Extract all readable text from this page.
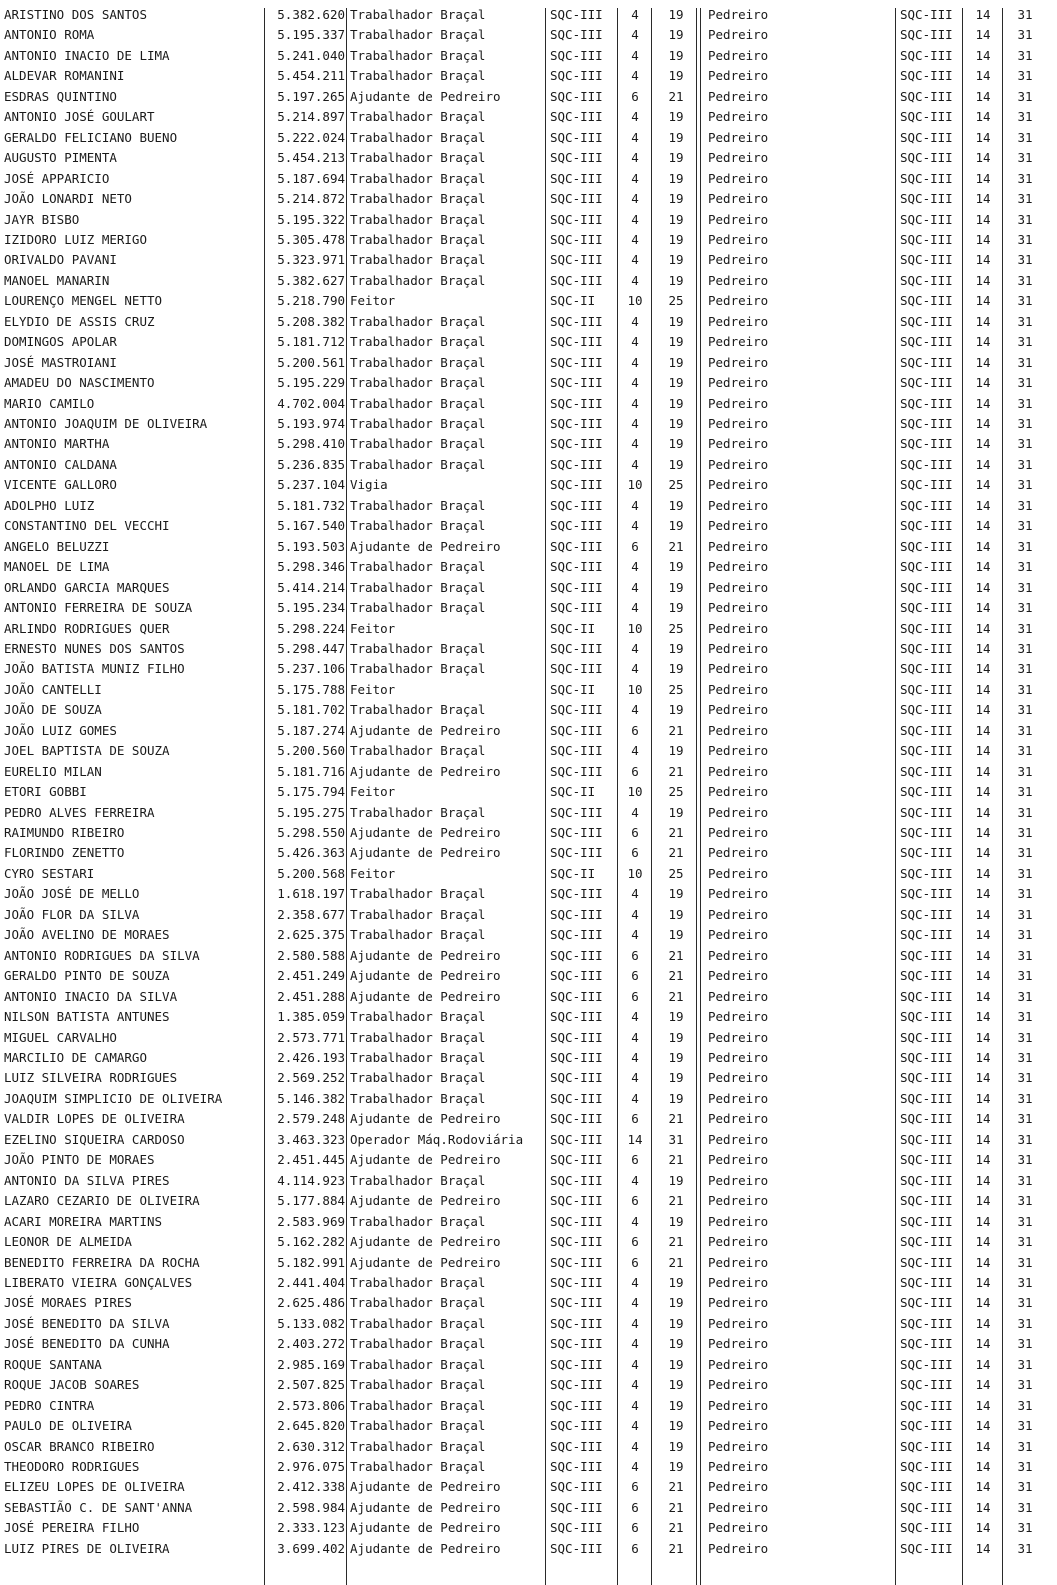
ARISTINO DOS SANTOS	5.382.620 Trabalhador Braçal	SQC-III	4	19	Pedreiro	SQC-III	14	31
ANTONIO ROMA	5.195.337 Trabalhador Braçal	SQC-III	4	19	Pedreiro	SQC-III	14	31
ANTONIO INACIO DE LIMA	5.241.040 Trabalhador Braçal	SQC-III	4	19	Pedreiro	SQC-III	14	31
ALDEVAR ROMANINI	5.454.211 Trabalhador Braçal	SQC-III	4	19	Pedreiro	SQC-III	14	31
ESDRAS QUINTINO	5.197.265 Ajudante de Pedreiro	SQC-III	6	21	Pedreiro	SQC-III	14	31
ANTONIO JOSÉ GOULART	5.214.897 Trabalhador Braçal	SQC-III	4	19	Pedreiro	SQC-III	14	31
GERALDO FELICIANO BUENO	5.222.024 Trabalhador Braçal	SQC-III	4	19	Pedreiro	SQC-III	14	31
AUGUSTO PIMENTA	5.454.213 Trabalhador Braçal	SQC-III	4	19	Pedreiro	SQC-III	14	31
JOSÉ APPARICIO	5.187.694 Trabalhador Braçal	SQC-III	4	19	Pedreiro	SQC-III	14	31
JOÃO LONARDI NETO	5.214.872 Trabalhador Braçal	SQC-III	4	19	Pedreiro	SQC-III	14	31
JAYR BISBO	5.195.322 Trabalhador Braçal	SQC-III	4	19	Pedreiro	SQC-III	14	31
IZIDORO LUIZ MERIGO	5.305.478 Trabalhador Braçal	SQC-III	4	19	Pedreiro	SQC-III	14	31
ORIVALDO PAVANI	5.323.971 Trabalhador Braçal	SQC-III	4	19	Pedreiro	SQC-III	14	31
MANOEL MANARIN	5.382.627 Trabalhador Braçal	SQC-III	4	19	Pedreiro	SQC-III	14	31
LOURENÇO MENGEL NETTO	5.218.790 Feitor	SQC-II	10	25	Pedreiro	SQC-III	14	31
ELYDIO DE ASSIS CRUZ	5.208.382 Trabalhador Braçal	SQC-III	4	19	Pedreiro	SQC-III	14	31
DOMINGOS APOLAR	5.181.712 Trabalhador Braçal	SQC-III	4	19	Pedreiro	SQC-III	14	31
JOSÉ MASTROIANI	5.200.561 Trabalhador Braçal	SQC-III	4	19	Pedreiro	SQC-III	14	31
AMADEU DO NASCIMENTO	5.195.229 Trabalhador Braçal	SQC-III	4	19	Pedreiro	SQC-III	14	31
MARIO CAMILO	4.702.004 Trabalhador Braçal	SQC-III	4	19	Pedreiro	SQC-III	14	31
ANTONIO JOAQUIM DE OLIVEIRA	5.193.974 Trabalhador Braçal	SQC-III	4	19	Pedreiro	SQC-III	14	31
ANTONIO MARTHA	5.298.410 Trabalhador Braçal	SQC-III	4	19	Pedreiro	SQC-III	14	31
ANTONIO CALDANA	5.236.835 Trabalhador Braçal	SQC-III	4	19	Pedreiro	SQC-III	14	31
VICENTE GALLORO	5.237.104 Vigia	SQC-III	10	25	Pedreiro	SQC-III	14	31
ADOLPHO LUIZ	5.181.732 Trabalhador Braçal	SQC-III	4	19	Pedreiro	SQC-III	14	31
CONSTANTINO DEL VECCHI	5.167.540 Trabalhador Braçal	SQC-III	4	19	Pedreiro	SQC-III	14	31
ANGELO BELUZZI	5.193.503 Ajudante de Pedreiro	SQC-III	6	21	Pedreiro	SQC-III	14	31
MANOEL DE LIMA	5.298.346 Trabalhador Braçal	SQC-III	4	19	Pedreiro	SQC-III	14	31
ORLANDO GARCIA MARQUES	5.414.214 Trabalhador Braçal	SQC-III	4	19	Pedreiro	SQC-III	14	31
ANTONIO FERREIRA DE SOUZA	5.195.234 Trabalhador Braçal	SQC-III	4	19	Pedreiro	SQC-III	14	31
ARLINDO RODRIGUES QUER	5.298.224 Feitor	SQC-II	10	25	Pedreiro	SQC-III	14	31
ERNESTO NUNES DOS SANTOS	5.298.447 Trabalhador Braçal	SQC-III	4	19	Pedreiro	SQC-III	14	31
JOÃO BATISTA MUNIZ FILHO	5.237.106 Trabalhador Braçal	SQC-III	4	19	Pedreiro	SQC-III	14	31
JOÃO CANTELLI	5.175.788 Feitor	SQC-II	10	25	Pedreiro	SQC-III	14	31
JOÃO DE SOUZA	5.181.702 Trabalhador Braçal	SQC-III	4	19	Pedreiro	SQC-III	14	31
JOÃO LUIZ GOMES	5.187.274 Ajudante de Pedreiro	SQC-III	6	21	Pedreiro	SQC-III	14	31
JOEL BAPTISTA DE SOUZA	5.200.560 Trabalhador Braçal	SQC-III	4	19	Pedreiro	SQC-III	14	31
EURELIO MILAN	5.181.716 Ajudante de Pedreiro	SQC-III	6	21	Pedreiro	SQC-III	14	31
ETORI GOBBI	5.175.794 Feitor	SQC-II	10	25	Pedreiro	SQC-III	14	31
PEDRO ALVES FERREIRA	5.195.275 Trabalhador Braçal	SQC-III	4	19	Pedreiro	SQC-III	14	31
RAIMUNDO RIBEIRO	5.298.550 Ajudante de Pedreiro	SQC-III	6	21	Pedreiro	SQC-III	14	31
FLORINDO ZENETTO	5.426.363 Ajudante de Pedreiro	SQC-III	6	21	Pedreiro	SQC-III	14	31
CYRO SESTARI	5.200.568 Feitor	SQC-II	10	25	Pedreiro	SQC-III	14	31
JOÃO JOSÉ DE MELLO	1.618.197 Trabalhador Braçal	SQC-III	4	19	Pedreiro	SQC-III	14	31
JOÃO FLOR DA SILVA	2.358.677 Trabalhador Braçal	SQC-III	4	19	Pedreiro	SQC-III	14	31
JOÃO AVELINO DE MORAES	2.625.375 Trabalhador Braçal	SQC-III	4	19	Pedreiro	SQC-III	14	31
ANTONIO RODRIGUES DA SILVA	2.580.588 Ajudante de Pedreiro	SQC-III	6	21	Pedreiro	SQC-III	14	31
GERALDO PINTO DE SOUZA	2.451.249 Ajudante de Pedreiro	SQC-III	6	21	Pedreiro	SQC-III	14	31
ANTONIO INACIO DA SILVA	2.451.288 Ajudante de Pedreiro	SQC-III	6	21	Pedreiro	SQC-III	14	31
NILSON BATISTA ANTUNES	1.385.059 Trabalhador Braçal	SQC-III	4	19	Pedreiro	SQC-III	14	31
MIGUEL CARVALHO	2.573.771 Trabalhador Braçal	SQC-III	4	19	Pedreiro	SQC-III	14	31
MARCILIO DE CAMARGO	2.426.193 Trabalhador Braçal	SQC-III	4	19	Pedreiro	SQC-III	14	31
LUIZ SILVEIRA RODRIGUES	2.569.252 Trabalhador Braçal	SQC-III	4	19	Pedreiro	SQC-III	14	31
JOAQUIM SIMPLICIO DE OLIVEIRA	5.146.382 Trabalhador Braçal	SQC-III	4	19	Pedreiro	SQC-III	14	31
VALDIR LOPES DE OLIVEIRA	2.579.248 Ajudante de Pedreiro	SQC-III	6	21	Pedreiro	SQC-III	14	31
EZELINO SIQUEIRA CARDOSO	3.463.323 Operador Máq.Rodoviária	SQC-III	14	31	Pedreiro	SQC-III	14	31
JOÃO PINTO DE MORAES	2.451.445 Ajudante de Pedreiro	SQC-III	6	21	Pedreiro	SQC-III	14	31
ANTONIO DA SILVA PIRES	4.114.923 Trabalhador Braçal	SQC-III	4	19	Pedreiro	SQC-III	14	31
LAZARO CEZARIO DE OLIVEIRA	5.177.884 Ajudante de Pedreiro	SQC-III	6	21	Pedreiro	SQC-III	14	31
ACARI MOREIRA MARTINS	2.583.969 Trabalhador Braçal	SQC-III	4	19	Pedreiro	SQC-III	14	31
LEONOR DE ALMEIDA	5.162.282 Ajudante de Pedreiro	SQC-III	6	21	Pedreiro	SQC-III	14	31
BENEDITO FERREIRA DA ROCHA	5.182.991 Ajudante de Pedreiro	SQC-III	6	21	Pedreiro	SQC-III	14	31
LIBERATO VIEIRA GONÇALVES	2.441.404 Trabalhador Braçal	SQC-III	4	19	Pedreiro	SQC-III	14	31
JOSÉ MORAES PIRES	2.625.486 Trabalhador Braçal	SQC-III	4	19	Pedreiro	SQC-III	14	31
JOSÉ BENEDITO DA SILVA	5.133.082 Trabalhador Braçal	SQC-III	4	19	Pedreiro	SQC-III	14	31
JOSÉ BENEDITO DA CUNHA	2.403.272 Trabalhador Braçal	SQC-III	4	19	Pedreiro	SQC-III	14	31
ROQUE SANTANA	2.985.169 Trabalhador Braçal	SQC-III	4	19	Pedreiro	SQC-III	14	31
ROQUE JACOB SOARES	2.507.825 Trabalhador Braçal	SQC-III	4	19	Pedreiro	SQC-III	14	31
PEDRO CINTRA	2.573.806 Trabalhador Braçal	SQC-III	4	19	Pedreiro	SQC-III	14	31
PAULO DE OLIVEIRA	2.645.820 Trabalhador Braçal	SQC-III	4	19	Pedreiro	SQC-III	14	31
OSCAR BRANCO RIBEIRO	2.630.312 Trabalhador Braçal	SQC-III	4	19	Pedreiro	SQC-III	14	31
THEODORO RODRIGUES	2.976.075 Trabalhador Braçal	SQC-III	4	19	Pedreiro	SQC-III	14	31
ELIZEU LOPES DE OLIVEIRA	2.412.338 Ajudante de Pedreiro	SQC-III	6	21	Pedreiro	SQC-III	14	31
SEBASTIÃO C. DE SANT'ANNA	2.598.984 Ajudante de Pedreiro	SQC-III	6	21	Pedreiro	SQC-III	14	31
JOSÉ PEREIRA FILHO	2.333.123 Ajudante de Pedreiro	SQC-III	6	21	Pedreiro	SQC-III	14	31
LUIZ PIRES DE OLIVEIRA	3.699.402 Ajudante de Pedreiro	SQC-III	6	21	Pedreiro	SQC-III	14	31
